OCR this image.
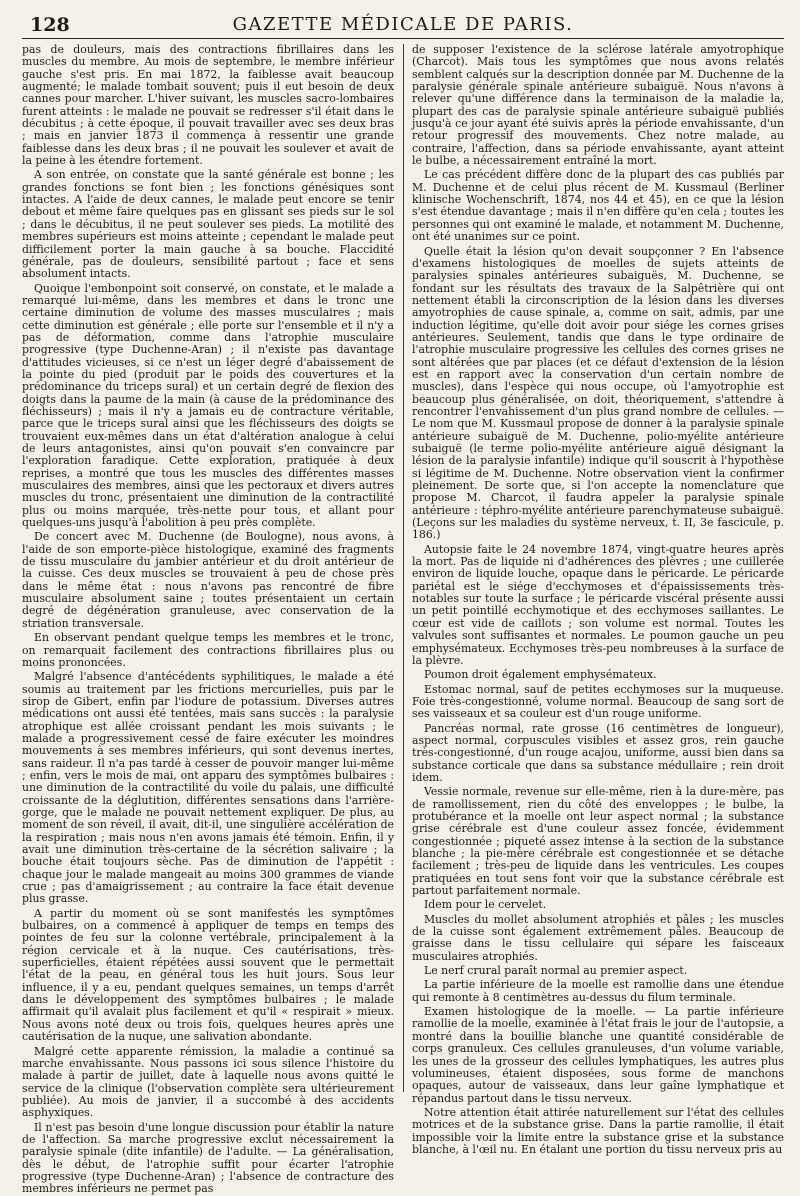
128	GAZETTE MÉDICALE DE PARIS.

pas de douleurs, mais des contractions fibrillaires dans les muscles du membre. Au mois de septembre, le membre inférieur gauche s'est pris. En mai 1872, la faiblesse avait beaucoup augmenté; le malade tombait souvent; puis il eut besoin de deux cannes pour marcher. L'hiver suivant, les muscles sacro-lombaires furent atteints : le malade ne pouvait se redresser s'il était dans le décubitus ; à cette époque, il pouvait travailler avec ses deux bras ; mais en janvier 1873 il commença à ressentir une grande faiblesse dans les deux bras ; il ne pouvait les soulever et avait de la peine à les étendre fortement.

A son entrée, on constate que la santé générale est bonne ; les grandes fonctions se font bien ; les fonctions génésiques sont intactes. A l'aide de deux cannes, le malade peut encore se tenir debout et même faire quelques pas en glissant ses pieds sur le sol ; dans le décubitus, il ne peut soulever ses pieds. La motilité des membres supérieurs est moins atteinte ; cependant le malade peut difficilement porter la main gauche à sa bouche. Flaccidité générale, pas de douleurs, sensibilité partout ; face et sens absolument intacts.

Quoique l'embonpoint soit conservé, on constate, et le malade a remarqué lui-même, dans les membres et dans le tronc une certaine diminution de volume des masses musculaires ; mais cette diminution est générale ; elle porte sur l'ensemble et il n'y a pas de déformation, comme dans l'atrophie musculaire progressive (type Duchenne-Aran) ; il n'existe pas davantage d'attitudes vicieuses, si ce n'est un léger degré d'abaissement de la pointe du pied (produit par le poids des couvertures et la prédominance du triceps sural) et un certain degré de flexion des doigts dans la paume de la main (à cause de la prédominance des fléchisseurs) ; mais il n'y a jamais eu de contracture véritable, parce que le triceps sural ainsi que les fléchisseurs des doigts se trouvaient eux-mêmes dans un état d'altération analogue à celui de leurs antagonistes, ainsi qu'on pouvait s'en convaincre par l'exploration faradique. Cette exploration, pratiquée à deux reprises, a montré que tous les muscles des différentes masses musculaires des membres, ainsi que les pectoraux et divers autres muscles du tronc, présentaient une diminution de la contractilité plus ou moins marquée, très-nette pour tous, et allant pour quelques-uns jusqu'à l'abolition à peu près complète.

De concert avec M. Duchenne (de Boulogne), nous avons, à l'aide de son emporte-pièce histologique, examiné des fragments de tissu musculaire du jambier antérieur et du droit antérieur de la cuisse. Ces deux muscles se trouvaient à peu de chose près dans le même état : nous n'avons pas rencontré de fibre musculaire absolument saine ; toutes présentaient un certain degré de dégénération granuleuse, avec conservation de la striation transversale.

En observant pendant quelque temps les membres et le tronc, on remarquait facilement des contractions fibrillaires plus ou moins prononcées.

Malgré l'absence d'antécédents syphilitiques, le malade a été soumis au traitement par les frictions mercurielles, puis par le sirop de Gibert, enfin par l'iodure de potassium. Diverses autres médications ont aussi été tentées, mais sans succès : la paralysie atrophique est allée croissant pendant les mois suivants ; le malade a progressivement cessé de faire exécuter les moindres mouvements à ses membres inférieurs, qui sont devenus inertes, sans raideur. Il n'a pas tardé à cesser de pouvoir manger lui-même ; enfin, vers le mois de mai, ont apparu des symptômes bulbaires : une diminution de la contractilité du voile du palais, une difficulté croissante de la déglutition, différentes sensations dans l'arrière-gorge, que le malade ne pouvait nettement expliquer. De plus, au moment de son réveil, il avait, dit-il, une singulière accélération de la respiration ; mais nous n'en avons jamais été témoin. Enfin, il y avait une diminution très-certaine de la sécrétion salivaire ; la bouche était toujours sèche. Pas de diminution de l'appétit : chaque jour le malade mangeait au moins 300 grammes de viande crue ; pas d'amaigrissement ; au contraire la face était devenue plus grasse.

A partir du moment où se sont manifestés les symptômes bulbaires, on a commencé à appliquer de temps en temps des pointes de feu sur la colonne vertébrale, principalement à la région cervicale et à la nuque. Ces cautérisations, très-superficielles, étaient répétées aussi souvent que le permettait l'état de la peau, en général tous les huit jours. Sous leur influence, il y a eu, pendant quelques semaines, un temps d'arrêt dans le développement des symptômes bulbaires ; le malade affirmait qu'il avalait plus facilement et qu'il « respirait » mieux. Nous avons noté deux ou trois fois, quelques heures après une cautérisation de la nuque, une salivation abondante.

Malgré cette apparente rémission, la maladie a continué sa marche envahissante. Nous passons ici sous silence l'histoire du malade à partir de juillet, date à laquelle nous avons quitté le service de la clinique (l'observation complète sera ultérieurement publiée). Au mois de janvier, il a succombé à des accidents asphyxiques.

Il n'est pas besoin d'une longue discussion pour établir la nature de l'affection. Sa marche progressive exclut nécessairement la paralysie spinale (dite infantile) de l'adulte. — La généralisation, dès le début, de l'atrophie suffit pour écarter l'atrophie progressive (type Duchenne-Aran) ; l'absence de contracture des membres inférieurs ne permet pas

de supposer l'existence de la sclérose latérale amyotrophique (Charcot). Mais tous les symptômes que nous avons relatés semblent calqués sur la description donnée par M. Duchenne de la paralysie générale spinale antérieure subaiguë. Nous n'avons à relever qu'une différence dans la terminaison de la maladie la, plupart des cas de paralysie spinale antérieure subaiguë publiés jusqu'à ce jour ayant été suivis après la période envahissante, d'un retour progressif des mouvements. Chez notre malade, au contraire, l'affection, dans sa période envahissante, ayant atteint le bulbe, a nécessairement entraîné la mort.

Le cas précédent diffère donc de la plupart des cas publiés par M. Duchenne et de celui plus récent de M. Kussmaul (Berliner klinische Wochenschrift, 1874, nos 44 et 45), en ce que la lésion s'est étendue davantage ; mais il n'en diffère qu'en cela ; toutes les personnes qui ont examiné le malade, et notamment M. Duchenne, ont été unanimes sur ce point.

Quelle était la lésion qu'on devait soupçonner ? En l'absence d'examens histologiques de moelles de sujets atteints de paralysies spinales antérieures subaiguës, M. Duchenne, se fondant sur les résultats des travaux de la Salpêtrière qui ont nettement établi la circonscription de la lésion dans les diverses amyotrophies de cause spinale, a, comme on sait, admis, par une induction légitime, qu'elle doit avoir pour siége les cornes grises antérieures. Seulement, tandis que dans le type ordinaire de l'atrophie musculaire progressive les cellules des cornes grises ne sont altérées que par places (et ce défaut d'extension de la lésion est en rapport avec la conservation d'un certain nombre de muscles), dans l'espèce qui nous occupe, où l'amyotrophie est beaucoup plus généralisée, on doit, théoriquement, s'attendre à rencontrer l'envahissement d'un plus grand nombre de cellules. — Le nom que M. Kussmaul propose de donner à la paralysie spinale antérieure subaiguë de M. Duchenne, polio-myélite antérieure subaiguë (le terme polio-myélite antérieure aiguë désignant la lésion de la paralysie infantile) indique qu'il souscrit à l'hypothèse si légitime de M. Duchenne. Notre observation vient la confirmer pleinement. De sorte que, si l'on accepte la nomenclature que propose M. Charcot, il faudra appeler la paralysie spinale antérieure : téphro-myélite antérieure parenchymateuse subaiguë. (Leçons sur les maladies du système nerveux, t. II, 3e fascicule, p. 186.)

Autopsie faite le 24 novembre 1874, vingt-quatre heures après la mort. Pas de liquide ni d'adhérences des plèvres ; une cuillerée environ de liquide louche, opaque dans le péricarde. Le péricarde pariétal est le siége d'ecchymoses et d'épaississements très-notables sur toute la surface ; le péricarde viscéral présente aussi un petit pointillé ecchymotique et des ecchymoses saillantes. Le cœur est vide de caillots ; son volume est normal. Toutes les valvules sont suffisantes et normales. Le poumon gauche un peu emphysémateux. Ecchymoses très-peu nombreuses à la surface de la plèvre.

Poumon droit également emphysémateux.

Estomac normal, sauf de petites ecchymoses sur la muqueuse. Foie très-congestionné, volume normal. Beaucoup de sang sort de ses vaisseaux et sa couleur est d'un rouge uniforme.

Pancréas normal, rate grosse (16 centimètres de longueur), aspect normal, corpuscules visibles et assez gros, rein gauche très-congestionné, d'un rouge acajou, uniforme, aussi bien dans sa substance corticale que dans sa substance médullaire ; rein droit idem.

Vessie normale, revenue sur elle-même, rien à la dure-mère, pas de ramollissement, rien du côté des enveloppes ; le bulbe, la protubérance et la moelle ont leur aspect normal ; la substance grise cérébrale est d'une couleur assez foncée, évidemment congestionnée ; piqueté assez intense à la section de la substance blanche ; la pie-mère cérébrale est congestionnée et se détache facilement ; très-peu de liquide dans les ventricules. Les coupes pratiquées en tout sens font voir que la substance cérébrale est partout parfaitement normale.

Idem pour le cervelet.

Muscles du mollet absolument atrophiés et pâles ; les muscles de la cuisse sont également extrêmement pâles. Beaucoup de graisse dans le tissu cellulaire qui sépare les faisceaux musculaires atrophiés.

Le nerf crural paraît normal au premier aspect.

La partie inférieure de la moelle est ramollie dans une étendue qui remonte à 8 centimètres au-dessus du filum terminale.

Examen histologique de la moelle. — La partie inférieure ramollie de la moelle, examinée à l'état frais le jour de l'autopsie, a montré dans la bouillie blanche une quantité considérable de corps granuleux. Ces cellules granuleuses, d'un volume variable, les unes de la grosseur des cellules lymphatiques, les autres plus volumineuses, étaient disposées, sous forme de manchons opaques, autour de vaisseaux, dans leur gaîne lymphatique et répandus partout dans le tissu nerveux.

Notre attention était attirée naturellement sur l'état des cellules motrices et de la substance grise. Dans la partie ramollie, il était impossible voir la limite entre la substance grise et la substance blanche, à l'œil nu. En étalant une portion du tissu nerveux pris au
